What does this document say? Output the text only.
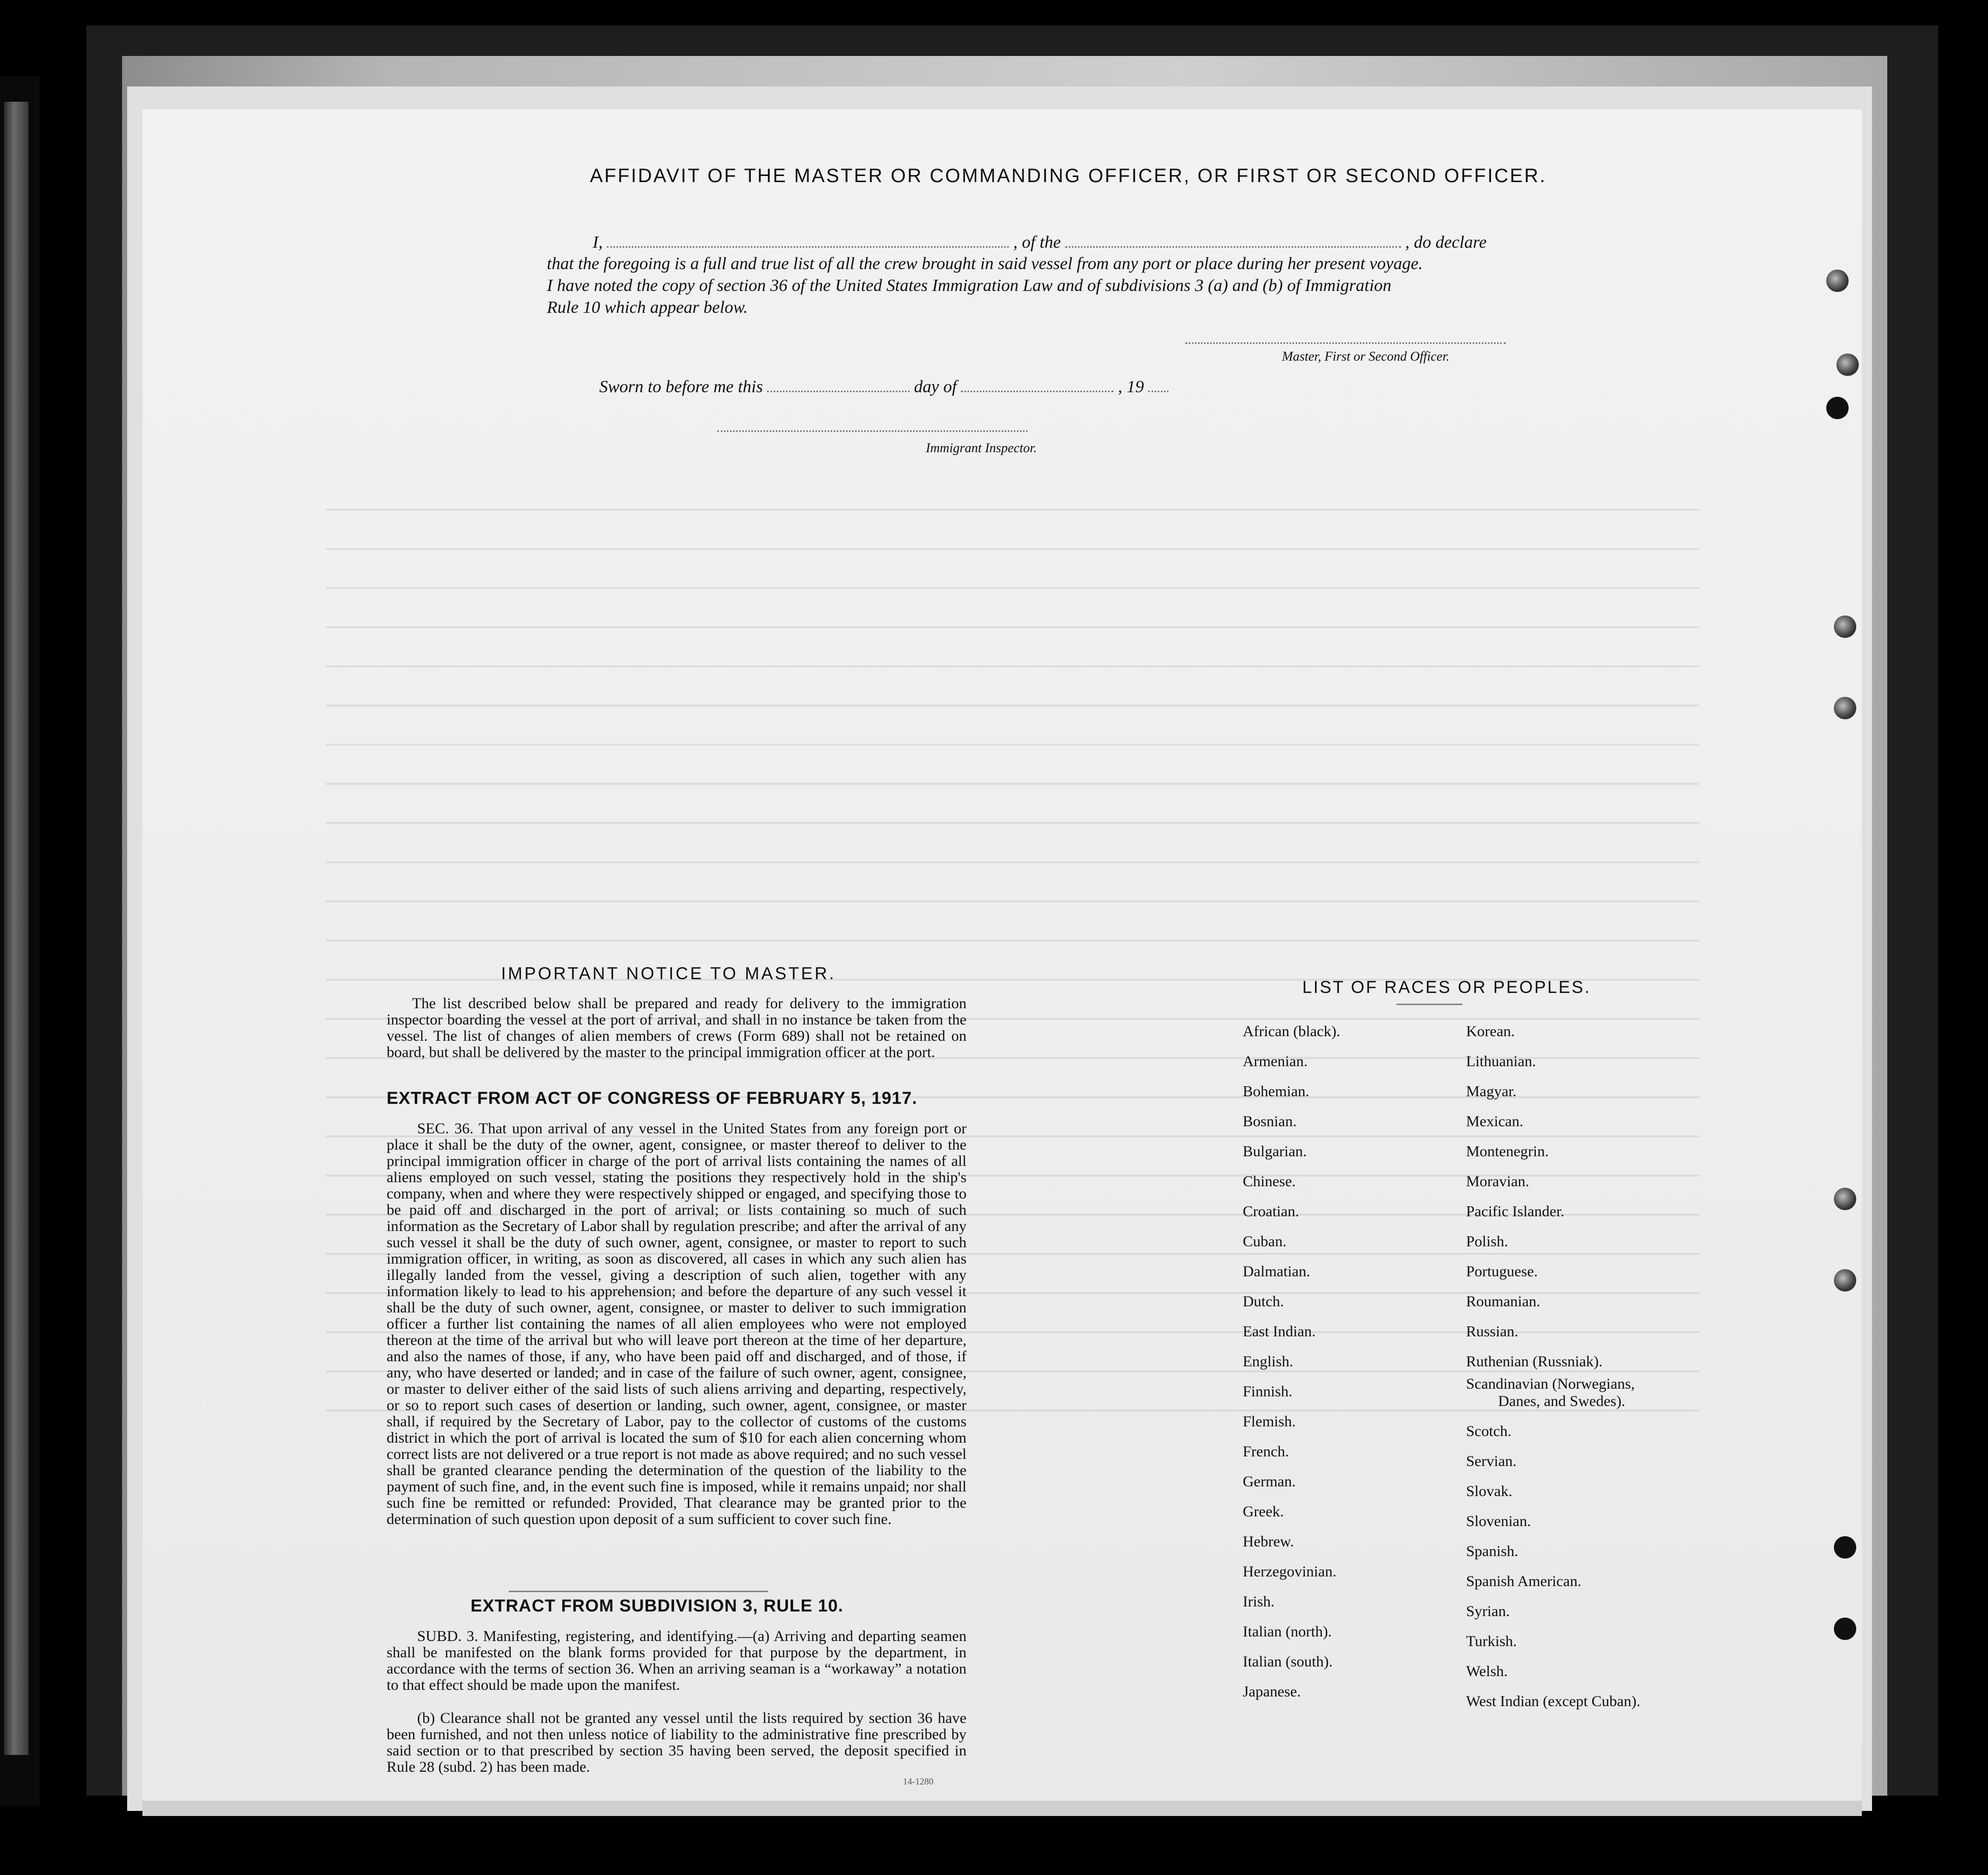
AFFIDAVIT OF THE MASTER OR COMMANDING OFFICER, OR FIRST OR SECOND OFFICER.
I,	, of the	, do declare
that the foregoing is a full and true list of all the crew brought in said vessel from any port or place during her present voyage.
I have noted the copy of section 36 of the United States Immigration Law and of subdivisions 3 (a) and (b) of Immigration
Rule 10 which appear below.
Master, First or Second Officer.
Sworn to before me this	day of	, 19
Immigrant Inspector.
IMPORTANT NOTICE TO MASTER.
The list described below shall be prepared and ready for delivery to the immigration inspector boarding the vessel at the port of arrival, and shall in no instance be taken from the vessel. The list of changes of alien members of crews (Form 689) shall not be retained on board, but shall be delivered by the master to the principal immigration officer at the port.
EXTRACT FROM ACT OF CONGRESS OF FEBRUARY 5, 1917.
SEC. 36. That upon arrival of any vessel in the United States from any foreign port or place it shall be the duty of the owner, agent, consignee, or master thereof to deliver to the principal immigration officer in charge of the port of arrival lists containing the names of all aliens employed on such vessel, stating the positions they respectively hold in the ship's company, when and where they were respectively shipped or engaged, and specifying those to be paid off and discharged in the port of arrival; or lists containing so much of such information as the Secretary of Labor shall by regulation prescribe; and after the arrival of any such vessel it shall be the duty of such owner, agent, consignee, or master to report to such immigration officer, in writing, as soon as discovered, all cases in which any such alien has illegally landed from the vessel, giving a description of such alien, together with any information likely to lead to his apprehension; and before the departure of any such vessel it shall be the duty of such owner, agent, consignee, or master to deliver to such immigration officer a further list containing the names of all alien employees who were not employed thereon at the time of the arrival but who will leave port thereon at the time of her departure, and also the names of those, if any, who have been paid off and discharged, and of those, if any, who have deserted or landed; and in case of the failure of such owner, agent, consignee, or master to deliver either of the said lists of such aliens arriving and departing, respectively, or so to report such cases of desertion or landing, such owner, agent, consignee, or master shall, if required by the Secretary of Labor, pay to the collector of customs of the customs district in which the port of arrival is located the sum of $10 for each alien concerning whom correct lists are not delivered or a true report is not made as above required; and no such vessel shall be granted clearance pending the determination of the question of the liability to the payment of such fine, and, in the event such fine is imposed, while it remains unpaid; nor shall such fine be remitted or refunded: Provided, That clearance may be granted prior to the determination of such question upon deposit of a sum sufficient to cover such fine.
EXTRACT FROM SUBDIVISION 3, RULE 10.
SUBD. 3. Manifesting, registering, and identifying.—(a) Arriving and departing seamen shall be manifested on the blank forms provided for that purpose by the department, in accordance with the terms of section 36. When an arriving seaman is a “workaway” a notation to that effect should be made upon the manifest.
(b) Clearance shall not be granted any vessel until the lists required by section 36 have been furnished, and not then unless notice of liability to the administrative fine prescribed by said section or to that prescribed by section 35 having been served, the deposit specified in Rule 28 (subd. 2) has been made.
14-1280
LIST OF RACES OR PEOPLES.
African (black).
Armenian.
Bohemian.
Bosnian.
Bulgarian.
Chinese.
Croatian.
Cuban.
Dalmatian.
Dutch.
East Indian.
English.
Finnish.
Flemish.
French.
German.
Greek.
Hebrew.
Herzegovinian.
Irish.
Italian (north).
Italian (south).
Japanese.
Korean.
Lithuanian.
Magyar.
Mexican.
Montenegrin.
Moravian.
Pacific Islander.
Polish.
Portuguese.
Roumanian.
Russian.
Ruthenian (Russniak).
Scandinavian (Norwegians,
Danes, and Swedes).
Scotch.
Servian.
Slovak.
Slovenian.
Spanish.
Spanish American.
Syrian.
Turkish.
Welsh.
West Indian (except Cuban).
